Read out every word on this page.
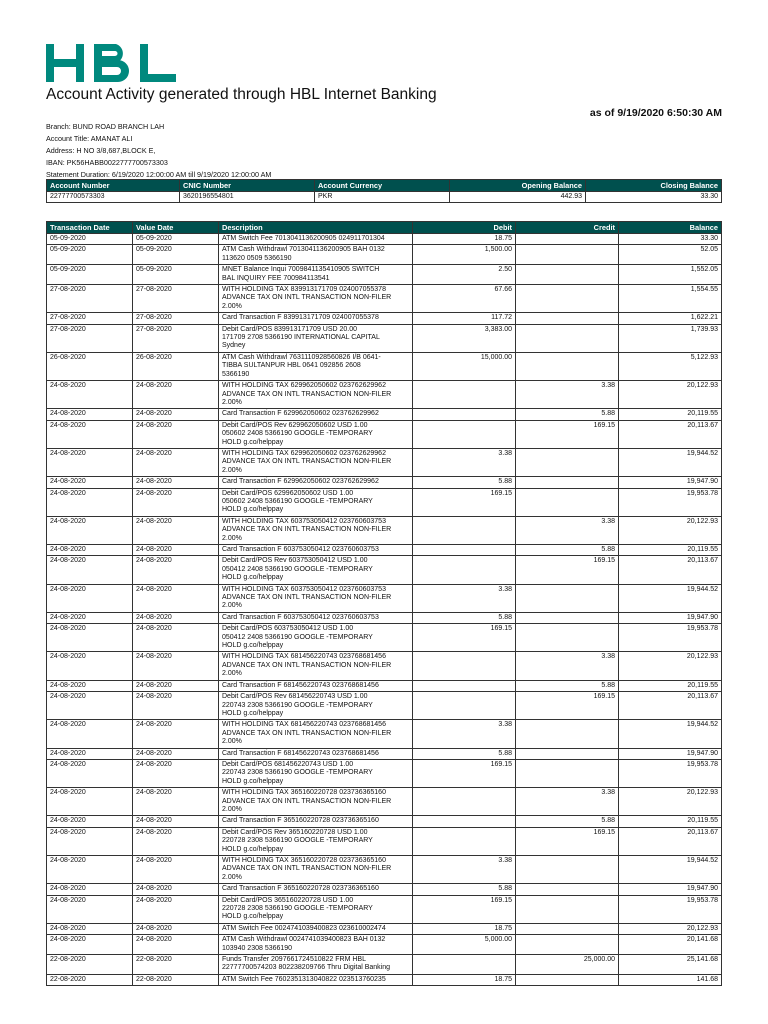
Account Activity generated through HBL Internet Banking
as of 9/19/2020 6:50:30 AM
Branch: BUND ROAD BRANCH LAH
Account Title: AMANAT ALI
Address: H NO 3/8,687,BLOCK E,
IBAN: PK56HABB0022777700573303
Statement Duration: 6/19/2020 12:00:00 AM till 9/19/2020 12:00:00 AM
Account Number	CNIC Number	Account Currency	Opening Balance	Closing Balance
22777700573303	3620196554801	PKR	442.93	33.30
Transaction Date	Value Date	Description	Debit	Credit	Balance
05-09-2020	05-09-2020	ATM Switch Fee 7013041136200905 024911701304	18.75		33.30
05-09-2020	05-09-2020	ATM Cash Withdrawl 7013041136200905 BAH 0132
113620 0509 5366190	1,500.00		52.05
05-09-2020	05-09-2020	MNET Balance Inqui 7009841135410905 SWITCH
BAL INQUIRY FEE 700984113541	2.50		1,552.05
27-08-2020	27-08-2020	WITH HOLDING TAX 839913171709 024007055378
ADVANCE TAX ON INTL TRANSACTION NON-FILER
2.00%	67.66		1,554.55
27-08-2020	27-08-2020	Card Transaction F 839913171709 024007055378	117.72		1,622.21
27-08-2020	27-08-2020	Debit Card/POS 839913171709 USD 20.00
171709 2708 5366190 INTERNATIONAL CAPITAL
Sydney	3,383.00		1,739.93
26-08-2020	26-08-2020	ATM Cash Withdrawl 7631110928560826 I/B 0641-
TIBBA SULTANPUR HBL 0641 092856 2608
5366190	15,000.00		5,122.93
24-08-2020	24-08-2020	WITH HOLDING TAX 629962050602 023762629962
ADVANCE TAX ON INTL TRANSACTION NON-FILER
2.00%		3.38	20,122.93
24-08-2020	24-08-2020	Card Transaction F 629962050602 023762629962		5.88	20,119.55
24-08-2020	24-08-2020	Debit Card/POS Rev 629962050602 USD 1.00
050602 2408 5366190 GOOGLE -TEMPORARY
HOLD g.co/helppay		169.15	20,113.67
24-08-2020	24-08-2020	WITH HOLDING TAX 629962050602 023762629962
ADVANCE TAX ON INTL TRANSACTION NON-FILER
2.00%	3.38		19,944.52
24-08-2020	24-08-2020	Card Transaction F 629962050602 023762629962	5.88		19,947.90
24-08-2020	24-08-2020	Debit Card/POS 629962050602 USD 1.00
050602 2408 5366190 GOOGLE -TEMPORARY
HOLD g.co/helppay	169.15		19,953.78
24-08-2020	24-08-2020	WITH HOLDING TAX 603753050412 023760603753
ADVANCE TAX ON INTL TRANSACTION NON-FILER
2.00%		3.38	20,122.93
24-08-2020	24-08-2020	Card Transaction F 603753050412 023760603753		5.88	20,119.55
24-08-2020	24-08-2020	Debit Card/POS Rev 603753050412 USD 1.00
050412 2408 5366190 GOOGLE -TEMPORARY
HOLD g.co/helppay		169.15	20,113.67
24-08-2020	24-08-2020	WITH HOLDING TAX 603753050412 023760603753
ADVANCE TAX ON INTL TRANSACTION NON-FILER
2.00%	3.38		19,944.52
24-08-2020	24-08-2020	Card Transaction F 603753050412 023760603753	5.88		19,947.90
24-08-2020	24-08-2020	Debit Card/POS 603753050412 USD 1.00
050412 2408 5366190 GOOGLE -TEMPORARY
HOLD g.co/helppay	169.15		19,953.78
24-08-2020	24-08-2020	WITH HOLDING TAX 681456220743 023768681456
ADVANCE TAX ON INTL TRANSACTION NON-FILER
2.00%		3.38	20,122.93
24-08-2020	24-08-2020	Card Transaction F 681456220743 023768681456		5.88	20,119.55
24-08-2020	24-08-2020	Debit Card/POS Rev 681456220743 USD 1.00
220743 2308 5366190 GOOGLE -TEMPORARY
HOLD g.co/helppay		169.15	20,113.67
24-08-2020	24-08-2020	WITH HOLDING TAX 681456220743 023768681456
ADVANCE TAX ON INTL TRANSACTION NON-FILER
2.00%	3.38		19,944.52
24-08-2020	24-08-2020	Card Transaction F 681456220743 023768681456	5.88		19,947.90
24-08-2020	24-08-2020	Debit Card/POS 681456220743 USD 1.00
220743 2308 5366190 GOOGLE -TEMPORARY
HOLD g.co/helppay	169.15		19,953.78
24-08-2020	24-08-2020	WITH HOLDING TAX 365160220728 023736365160
ADVANCE TAX ON INTL TRANSACTION NON-FILER
2.00%		3.38	20,122.93
24-08-2020	24-08-2020	Card Transaction F 365160220728 023736365160		5.88	20,119.55
24-08-2020	24-08-2020	Debit Card/POS Rev 365160220728 USD 1.00
220728 2308 5366190 GOOGLE -TEMPORARY
HOLD g.co/helppay		169.15	20,113.67
24-08-2020	24-08-2020	WITH HOLDING TAX 365160220728 023736365160
ADVANCE TAX ON INTL TRANSACTION NON-FILER
2.00%	3.38		19,944.52
24-08-2020	24-08-2020	Card Transaction F 365160220728 023736365160	5.88		19,947.90
24-08-2020	24-08-2020	Debit Card/POS 365160220728 USD 1.00
220728 2308 5366190 GOOGLE -TEMPORARY
HOLD g.co/helppay	169.15		19,953.78
24-08-2020	24-08-2020	ATM Switch Fee 0024741039400823 023610002474	18.75		20,122.93
24-08-2020	24-08-2020	ATM Cash Withdrawl 0024741039400823 BAH 0132
103940 2308 5366190	5,000.00		20,141.68
22-08-2020	22-08-2020	Funds Transfer 2097661724510822 FRM HBL
22777700574203 802238209766 Thru Digital Banking		25,000.00	25,141.68
22-08-2020	22-08-2020	ATM Switch Fee 7602351313040822 023513760235	18.75		141.68
